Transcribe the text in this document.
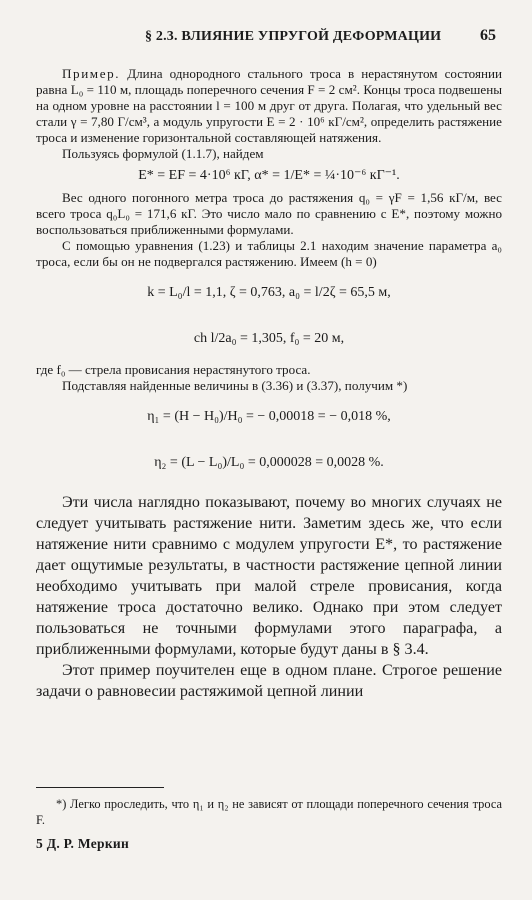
§ 2.3. ВЛИЯНИЕ УПРУГОЙ ДЕФОРМАЦИИ 65

Пример. Длина однородного стального троса в нерастянутом состоянии равна L₀ = 110 м, площадь поперечного сечения F = 2 см². Концы троса подвешены на одном уровне на расстоянии l = 100 м друг от друга. Полагая, что удельный вес стали γ = 7,80 Г/см³, а модуль упругости E = 2 · 10⁶ кГ/см², определить растяжение троса и изменение горизонтальной составляющей натяжения.

Пользуясь формулой (1.1.7), найдем

E* = EF = 4·10⁶ кГ, α* = 1/E* = ¼·10⁻⁶ кГ⁻¹.

Вес одного погонного метра троса до растяжения q₀ = γF = 1,56 кГ/м, вес всего троса q₀L₀ = 171,6 кГ. Это число мало по сравнению с E*, поэтому можно воспользоваться приближенными формулами.

С помощью уравнения (1.23) и таблицы 2.1 находим значение параметра a₀ троса, если бы он не подвергался растяжению. Имеем (h = 0)

k = L₀/l = 1,1, ζ = 0,763, a₀ = l/2ζ = 65,5 м,
ch l/2a₀ = 1,305, f₀ = 20 м,

где f₀ — стрела провисания нерастянутого троса.

Подставляя найденные величины в (3.36) и (3.37), получим *)

η₁ = (H − H₀)/H₀ = − 0,00018 = − 0,018 %,
η₂ = (L − L₀)/L₀ = 0,000028 = 0,0028 %.

Эти числа наглядно показывают, почему во многих случаях не следует учитывать растяжение нити. Заметим здесь же, что если натяжение нити сравнимо с модулем упругости E*, то растяжение дает ощутимые результаты, в частности растяжение цепной линии необходимо учитывать при малой стреле провисания, когда натяжение троса достаточно велико. Однако при этом следует пользоваться не точными формулами этого параграфа, а приближенными формулами, которые будут даны в § 3.4.

Этот пример поучителен еще в одном плане. Строгое решение задачи о равновесии растяжимой цепной линии

*) Легко проследить, что η₁ и η₂ не зависят от площади поперечного сечения троса F.

5 Д. Р. Меркин
